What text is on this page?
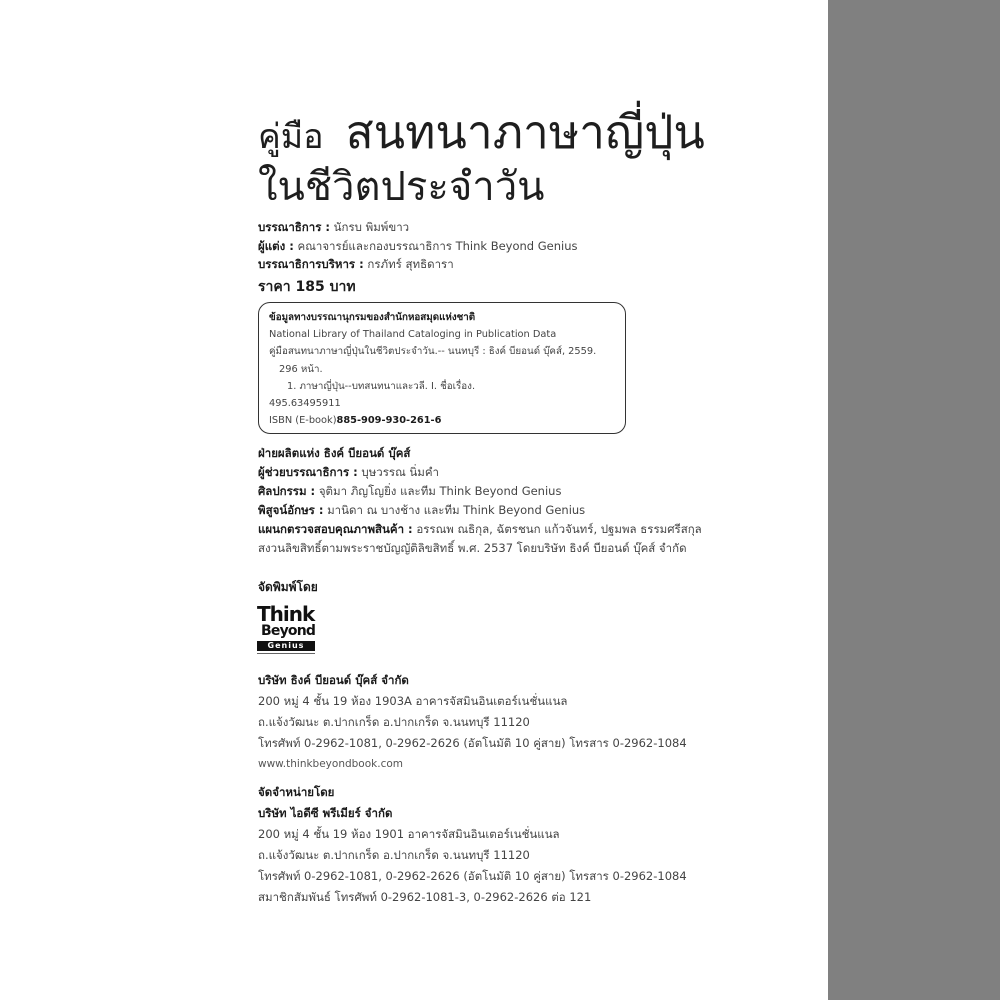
คู่มือ สนทนาภาษาญี่ปุ่น
ในชีวิตประจำวัน
บรรณาธิการ : นักรบ พิมพ์ขาว
ผู้แต่ง : คณาจารย์และกองบรรณาธิการ Think Beyond Genius
บรรณาธิการบริหาร : กรภัทร์ สุทธิดารา
ราคา 185 บาท
ข้อมูลทางบรรณานุกรมของสำนักหอสมุดแห่งชาติ
National Library of Thailand Cataloging in Publication Data
คู่มือสนทนาภาษาญี่ปุ่นในชีวิตประจำวัน.-- นนทบุรี : ธิงค์ บียอนด์ บุ๊คส์, 2559.
296 หน้า.
1. ภาษาญี่ปุ่น--บทสนทนาและวลี. I. ชื่อเรื่อง.
495.63495911
ISBN (E-book)885-909-930-261-6
ฝ่ายผลิตแห่ง ธิงค์ บียอนด์ บุ๊คส์
ผู้ช่วยบรรณาธิการ : บุษวรรณ นิ่มคำ
ศิลปกรรม : จุติมา ภิญโญยิ่ง และทีม Think Beyond Genius
พิสูจน์อักษร : มานิดา ณ บางช้าง และทีม Think Beyond Genius
แผนกตรวจสอบคุณภาพสินค้า : อรรณพ ณธิกุล, ฉัตรชนก แก้วจันทร์, ปฐมพล ธรรมศรีสกุล
สงวนลิขสิทธิ์ตามพระราชบัญญัติลิขสิทธิ์ พ.ศ. 2537 โดยบริษัท ธิงค์ บียอนด์ บุ๊คส์ จำกัด
จัดพิมพ์โดย
Think
Beyond
Genius
บริษัท ธิงค์ บียอนด์ บุ๊คส์ จำกัด
200 หมู่ 4 ชั้น 19 ห้อง 1903A อาคารจัสมินอินเตอร์เนชั่นแนล
ถ.แจ้งวัฒนะ ต.ปากเกร็ด อ.ปากเกร็ด จ.นนทบุรี 11120
โทรศัพท์ 0-2962-1081, 0-2962-2626 (อัตโนมัติ 10 คู่สาย) โทรสาร 0-2962-1084
www.thinkbeyondbook.com
จัดจำหน่ายโดย
บริษัท ไอดีซี พรีเมียร์ จำกัด
200 หมู่ 4 ชั้น 19 ห้อง 1901 อาคารจัสมินอินเตอร์เนชั่นแนล
ถ.แจ้งวัฒนะ ต.ปากเกร็ด อ.ปากเกร็ด จ.นนทบุรี 11120
โทรศัพท์ 0-2962-1081, 0-2962-2626 (อัตโนมัติ 10 คู่สาย) โทรสาร 0-2962-1084
สมาชิกสัมพันธ์ โทรศัพท์ 0-2962-1081-3, 0-2962-2626 ต่อ 121
